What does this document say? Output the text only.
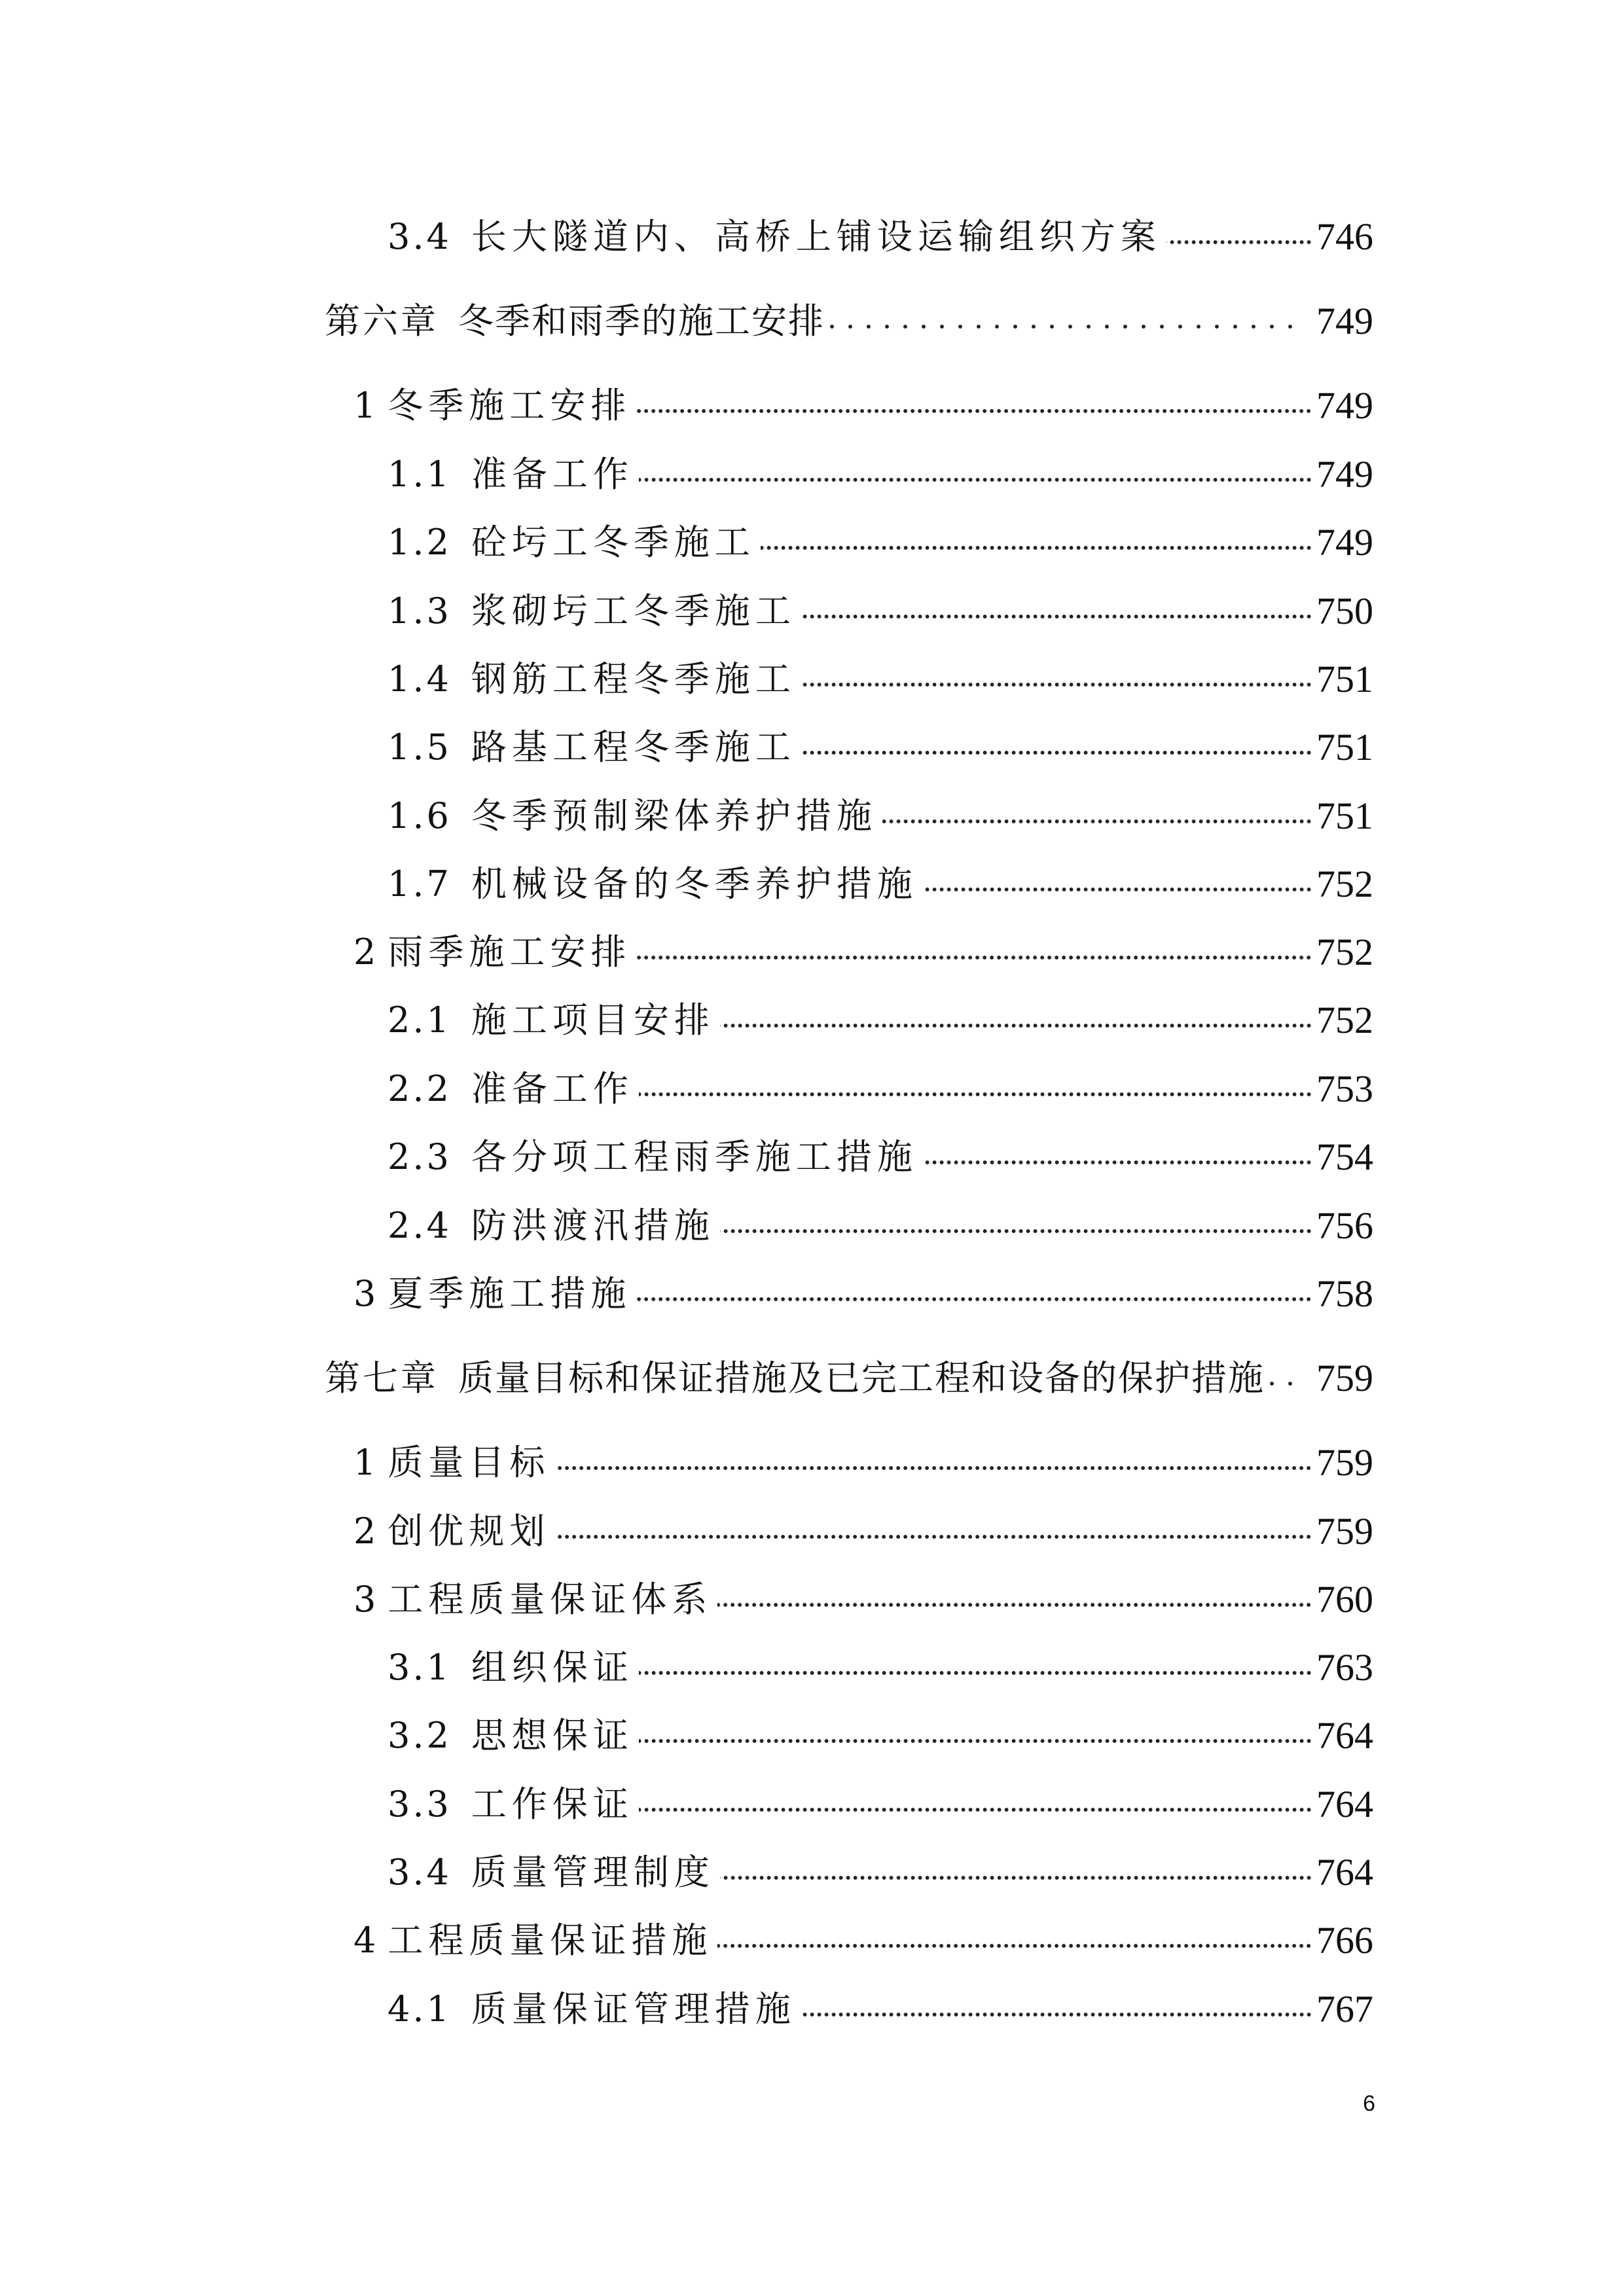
3.4 长大隧道内、高桥上铺设运输组织方案	746
第六章 冬季和雨季的施工安排	749
1 冬季施工安排	749
1.1 准备工作	749
1.2 砼圬工冬季施工	749
1.3 浆砌圬工冬季施工	750
1.4 钢筋工程冬季施工	751
1.5 路基工程冬季施工	751
1.6 冬季预制梁体养护措施	751
1.7 机械设备的冬季养护措施	752
2 雨季施工安排	752
2.1 施工项目安排	752
2.2 准备工作	753
2.3 各分项工程雨季施工措施	754
2.4 防洪渡汛措施	756
3 夏季施工措施	758
第七章 质量目标和保证措施及已完工程和设备的保护措施 759
1 质量目标	759
2 创优规划	759
3 工程质量保证体系	760
3.1 组织保证	763
3.2 思想保证	764
3.3 工作保证	764
3.4 质量管理制度	764
4 工程质量保证措施	766
4.1 质量保证管理措施	767
6
